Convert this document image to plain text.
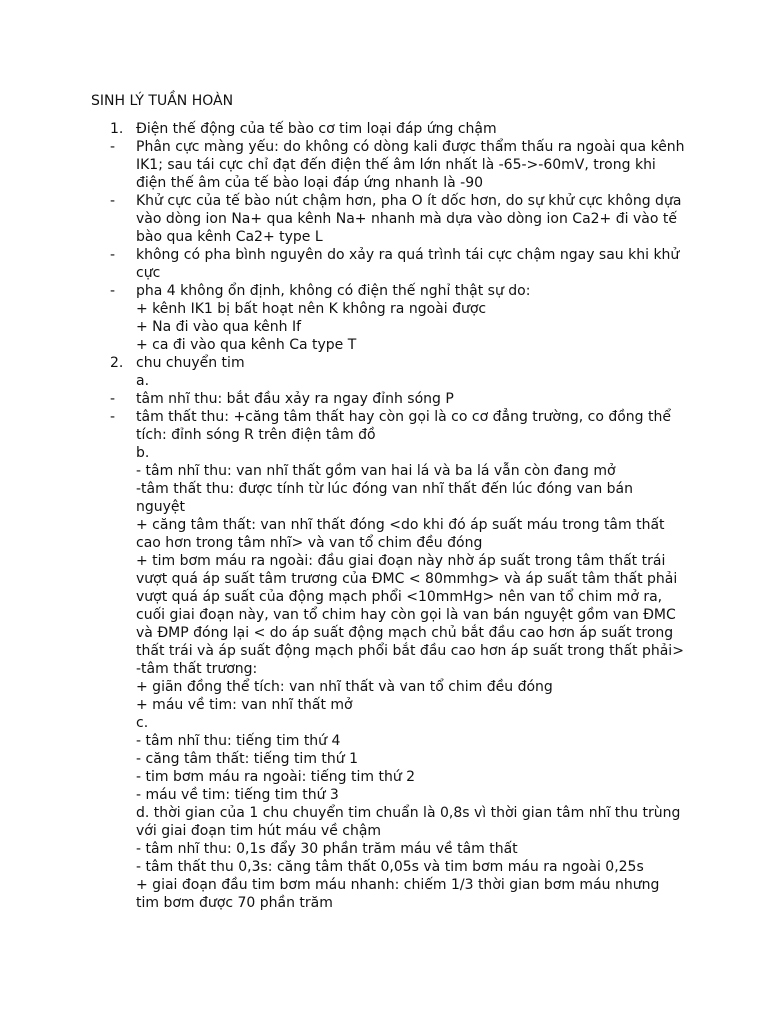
SINH LÝ TUẦN HOÀN
1. Điện thế động của tế bào cơ tim loại đáp ứng chậm
-	Phân cực màng yếu: do không có dòng kali được thẩm thấu ra ngoài qua kênh
IK1; sau tái cực chỉ đạt đến điện thế âm lớn nhất là -65->-60mV, trong khi
điện thế âm của tế bào loại đáp ứng nhanh là -90
-	Khử cực của tế bào nút chậm hơn, pha O ít dốc hơn, do sự khử cực không dựa
vào dòng ion Na+ qua kênh Na+ nhanh mà dựa vào dòng ion Ca2+ đi vào tế
bào qua kênh Ca2+ type L
-	không có pha bình nguyên do xảy ra quá trình tái cực chậm ngay sau khi khử
cực
-	pha 4 không ổn định, không có điện thế nghỉ thật sự do:
+ kênh IK1 bị bất hoạt nên K không ra ngoài được
+ Na đi vào qua kênh If
+ ca đi vào qua kênh Ca type T
2. chu chuyển tim
a.
-	tâm nhĩ thu: bắt đầu xảy ra ngay đỉnh sóng P
-	tâm thất thu: +căng tâm thất hay còn gọi là co cơ đẳng trường, co đồng thể
tích: đỉnh sóng R trên điện tâm đồ
b.
- tâm nhĩ thu: van nhĩ thất gồm van hai lá và ba lá vẫn còn đang mở
-tâm thất thu: được tính từ lúc đóng van nhĩ thất đến lúc đóng van bán
nguyệt
+ căng tâm thất: van nhĩ thất đóng <do khi đó áp suất máu trong tâm thất
cao hơn trong tâm nhĩ> và van tổ chim đều đóng
+ tim bơm máu ra ngoài: đầu giai đoạn này nhờ áp suất trong tâm thất trái
vượt quá áp suất tâm trương của ĐMC < 80mmhg> và áp suất tâm thất phải
vượt quá áp suất của động mạch phổi <10mmHg> nên van tổ chim mở ra,
cuối giai đoạn này, van tổ chim hay còn gọi là van bán nguyệt gồm van ĐMC
và ĐMP đóng lại < do áp suất động mạch chủ bắt đầu cao hơn áp suất trong
thất trái và áp suất động mạch phổi bắt đầu cao hơn áp suất trong thất phải>
-tâm thất trương:
+ giãn đồng thể tích: van nhĩ thất và van tổ chim đều đóng
+ máu về tim: van nhĩ thất mở
c.
- tâm nhĩ thu: tiếng tim thứ 4
- căng tâm thất: tiếng tim thứ 1
- tim bơm máu ra ngoài: tiếng tim thứ 2
- máu về tim: tiếng tim thứ 3
d. thời gian của 1 chu chuyển tim chuẩn là 0,8s vì thời gian tâm nhĩ thu trùng
với giai đoạn tim hút máu về chậm
- tâm nhĩ thu: 0,1s đẩy 30 phần trăm máu về tâm thất
- tâm thất thu 0,3s: căng tâm thất 0,05s và tim bơm máu ra ngoài 0,25s
+ giai đoạn đầu tim bơm máu nhanh: chiếm 1/3 thời gian bơm máu nhưng
tim bơm được 70 phần trăm
